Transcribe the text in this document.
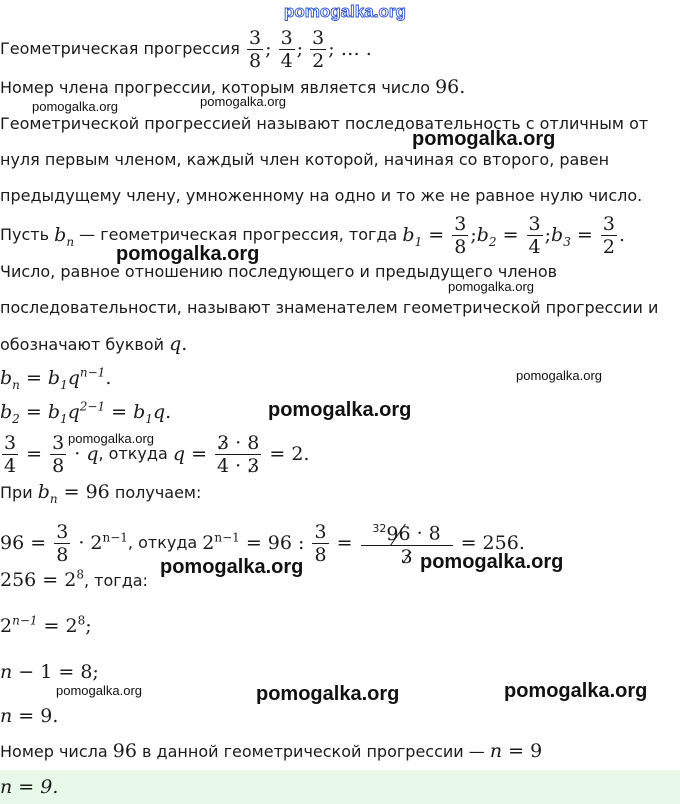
pomogalka.org
Геометрическая прогрессия
$\frac{3}{8}$ ;
$\frac{3}{4}$ ;
$\frac{3}{2}$ ; … .
Номер члена прогрессии, которым является число 96.
Геометрической прогрессией называют последовательность с отличным от
нуля первым членом, каждый член которой, начиная со второго, равен
предыдущему члену, умноженному на одно и то же не равное нулю число.
Пусть
$b_n$
— геометрическая прогрессия, тогда
$b_1 = \frac{3}{8}$ ; $b_2 = \frac{3}{4}$ ; $b_3 = \frac{3}{2}$ .
Число, равное отношению последующего и предыдущего членов
последовательности, называют знаменателем геометрической прогрессии и
обозначают буквой q.
$b_n = b_1q^{n-1}$.
$b_2 = b_1q^{2-1} = b_1q$.
$\frac{3}{4} = \frac{3}{8} \cdot q$ , откуда
$q = \frac{3 \cdot 8}{4 \cdot 3} = 2$.
При $b_n = 96$ получаем:
$96 = \frac{3}{8} \cdot 2^{n-1}$ , откуда
$2^{n-1} = 96$ : $\frac{3}{8} = \frac{^{32}96 \cdot 8}{3} = 256$.
$256 = 2^8$, тогда:
$2^{n-1} = 2^8$;
n − 1 = 8;
n = 9.
Номер числа 96 в данной геометрической прогрессии — n = 9
n = 9.
pomogalka.org	pomogalka.org
pomogalka.org
pomogalka.org
pomogalka.org
pomogalka.org
pomogalka.org
pomogalka.org
pomogalka.org	pomogalka.org
pomogalka.org	pomogalka.org	pomogalka.org
